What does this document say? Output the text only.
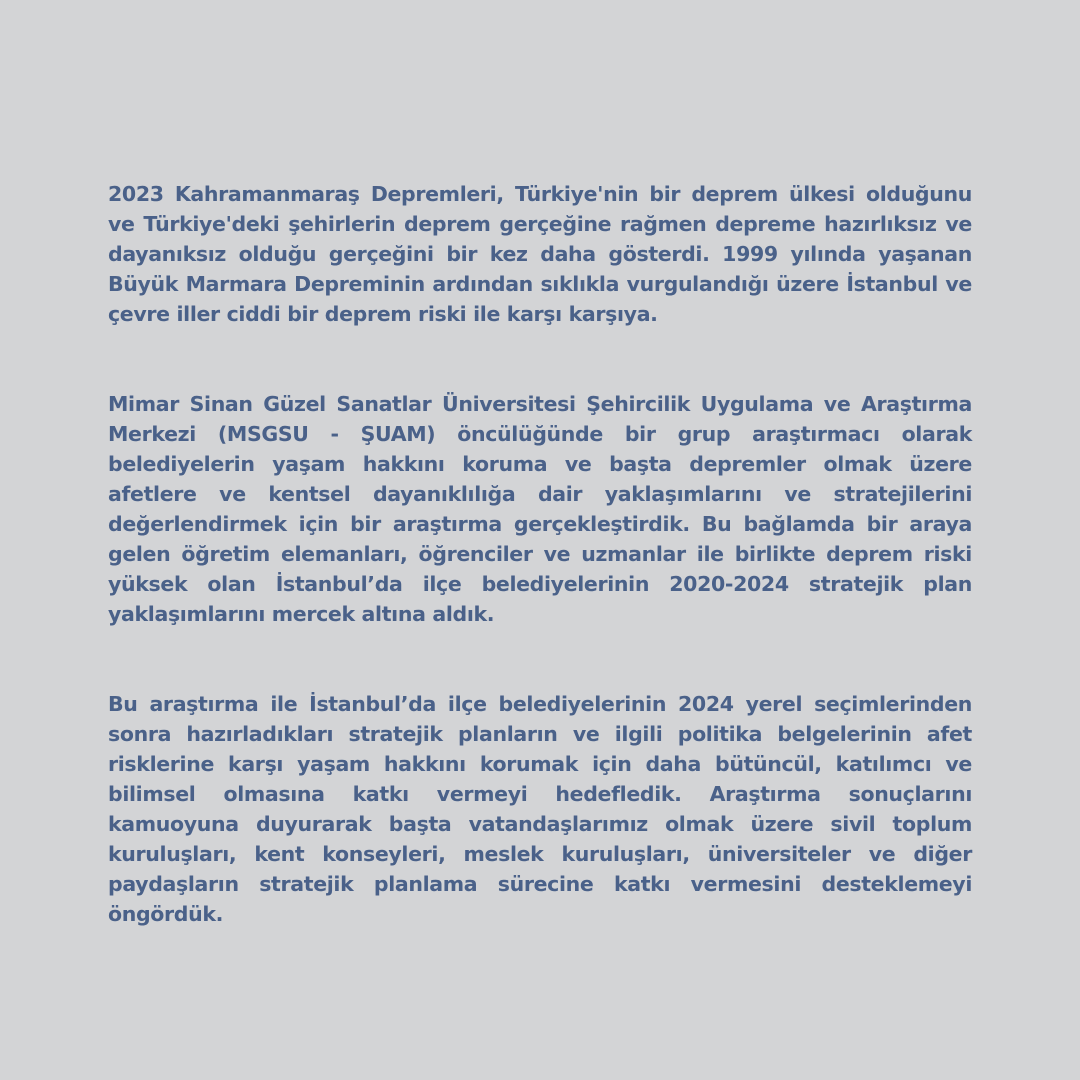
2023 Kahramanmaraş Depremleri, Türkiye'nin bir deprem ülkesi olduğunu ve Türkiye'deki şehirlerin deprem gerçeğine rağmen depreme hazırlıksız ve dayanıksız olduğu gerçeğini bir kez daha gösterdi. 1999 yılında yaşanan Büyük Marmara Depreminin ardından sıklıkla vurgulandığı üzere İstanbul ve çevre iller ciddi bir deprem riski ile karşı karşıya.

Mimar Sinan Güzel Sanatlar Üniversitesi Şehircilik Uygulama ve Araştırma Merkezi (MSGSU - ŞUAM) öncülüğünde bir grup araştırmacı olarak belediyelerin yaşam hakkını koruma ve başta depremler olmak üzere afetlere ve kentsel dayanıklılığa dair yaklaşımlarını ve stratejilerini değerlendirmek için bir araştırma gerçekleştirdik. Bu bağlamda bir araya gelen öğretim elemanları, öğrenciler ve uzmanlar ile birlikte deprem riski yüksek olan İstanbul’da ilçe belediyelerinin 2020-2024 stratejik plan yaklaşımlarını mercek altına aldık.

Bu araştırma ile İstanbul’da ilçe belediyelerinin 2024 yerel seçimlerinden sonra hazırladıkları stratejik planların ve ilgili politika belgelerinin afet risklerine karşı yaşam hakkını korumak için daha bütüncül, katılımcı ve bilimsel olmasına katkı vermeyi hedefledik. Araştırma sonuçlarını kamuoyuna duyurarak başta vatandaşlarımız olmak üzere sivil toplum kuruluşları, kent konseyleri, meslek kuruluşları, üniversiteler ve diğer paydaşların stratejik planlama sürecine katkı vermesini desteklemeyi öngördük.
